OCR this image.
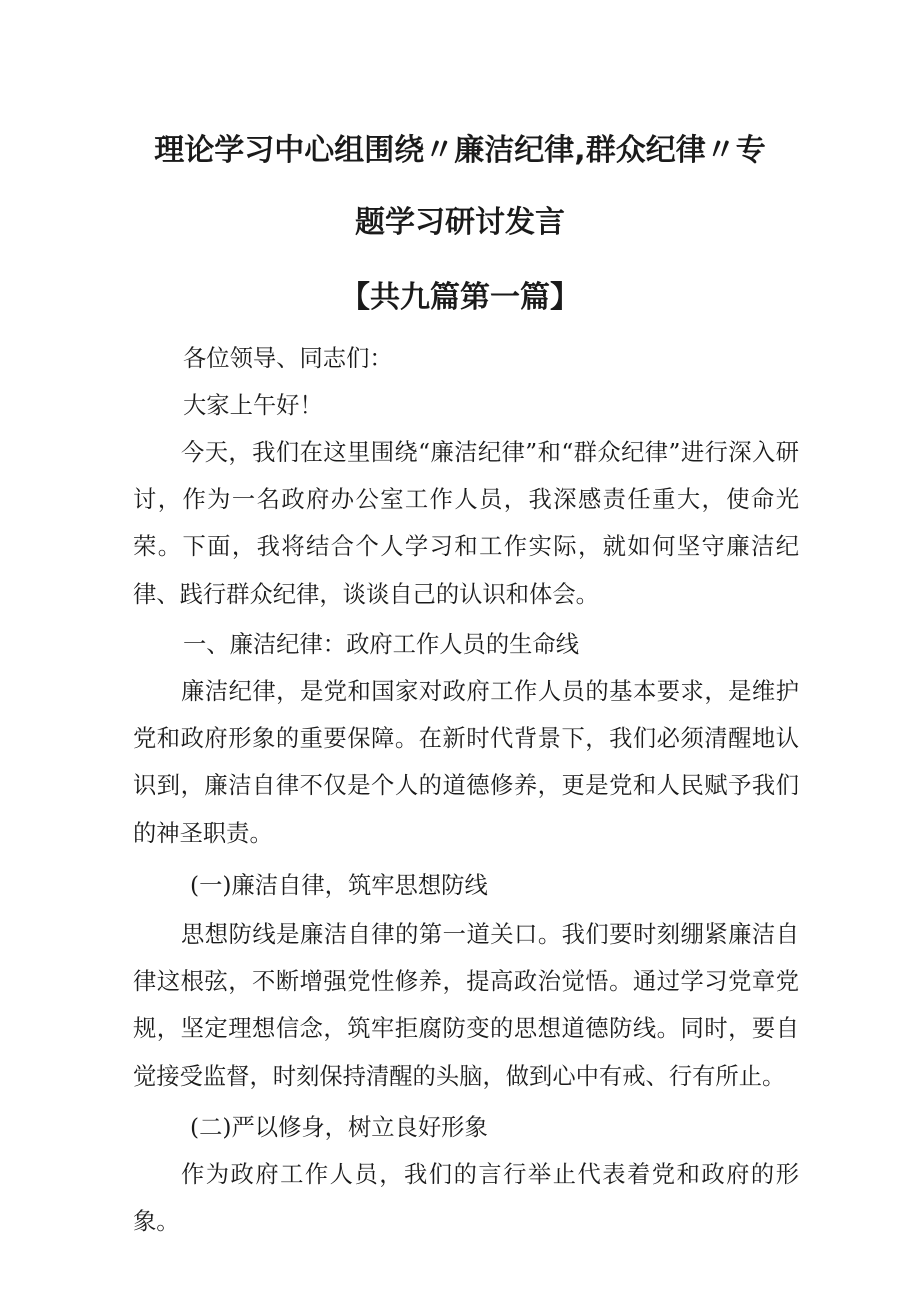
理论学习中心组围绕〃廉洁纪律,群众纪律〃专
题学习研讨发言
【共九篇第一篇】
各位领导、同志们：
大家上午好！
今天，我们在这里围绕“廉洁纪律”和“群众纪律”进行深入研讨，作为一名政府办公室工作人员，我深感责任重大，使命光荣。下面，我将结合个人学习和工作实际，就如何坚守廉洁纪律、践行群众纪律，谈谈自己的认识和体会。
一、廉洁纪律：政府工作人员的生命线
廉洁纪律，是党和国家对政府工作人员的基本要求，是维护党和政府形象的重要保障。在新时代背景下，我们必须清醒地认识到，廉洁自律不仅是个人的道德修养，更是党和人民赋予我们的神圣职责。
(一)廉洁自律，筑牢思想防线
思想防线是廉洁自律的第一道关口。我们要时刻绷紧廉洁自律这根弦，不断增强党性修养，提高政治觉悟。通过学习党章党规，坚定理想信念，筑牢拒腐防变的思想道德防线。同时，要自觉接受监督，时刻保持清醒的头脑，做到心中有戒、行有所止。
(二)严以修身，树立良好形象
作为政府工作人员，我们的言行举止代表着党和政府的形象。
